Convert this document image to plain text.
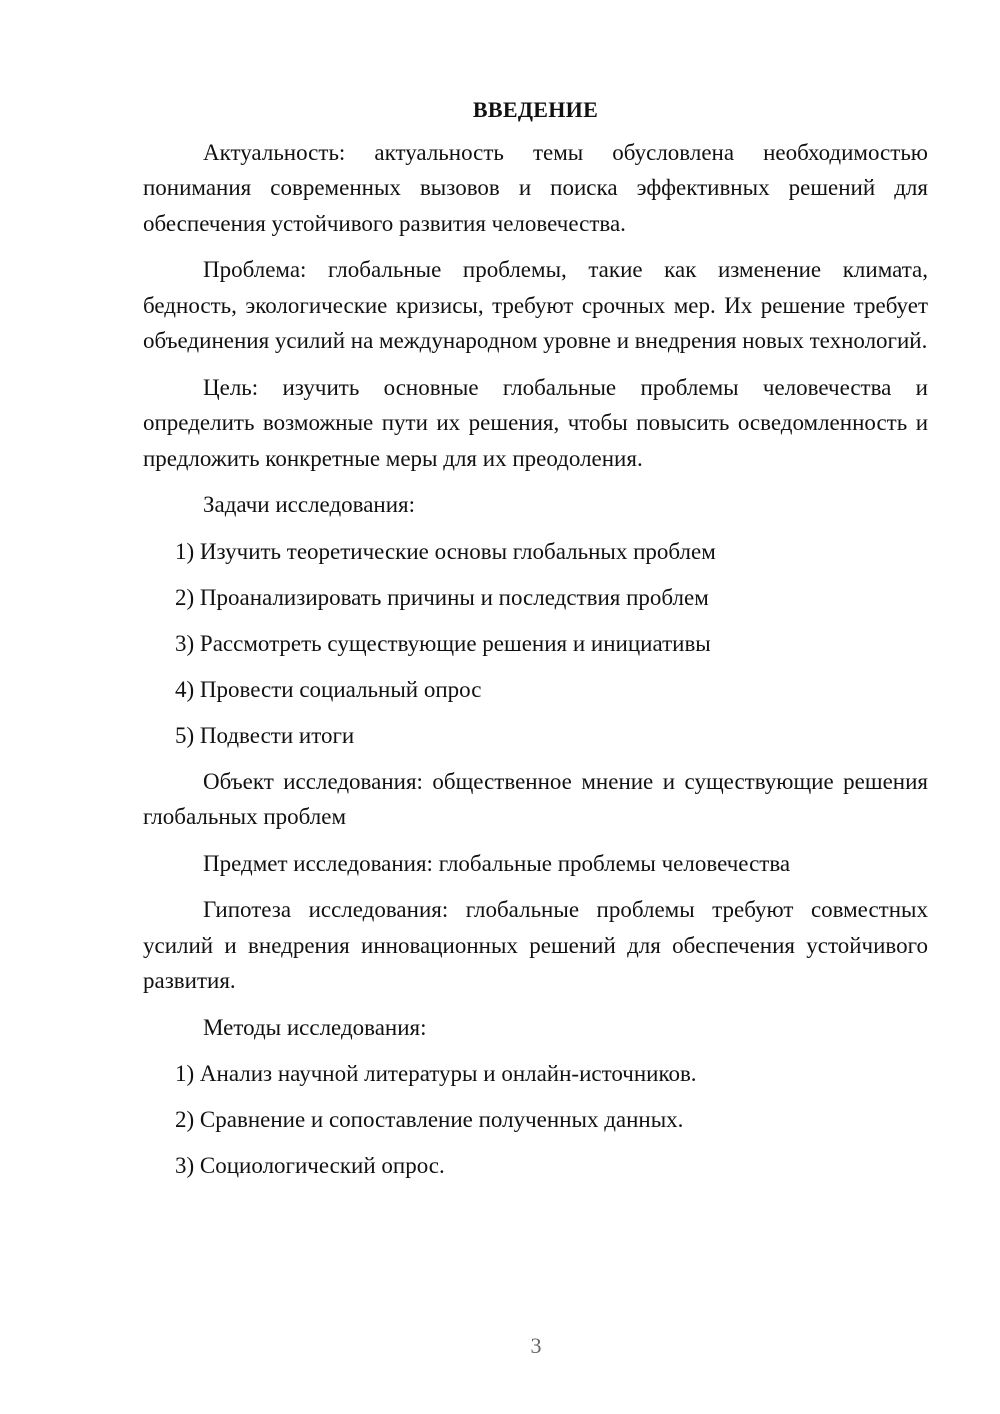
ВВЕДЕНИЕ

Актуальность: актуальность темы обусловлена необходимостью понимания современных вызовов и поиска эффективных решений для обеспечения устойчивого развития человечества.

Проблема: глобальные проблемы, такие как изменение климата, бедность, экологические кризисы, требуют срочных мер. Их решение требует объединения усилий на международном уровне и внедрения новых технологий.

Цель: изучить основные глобальные проблемы человечества и определить возможные пути их решения, чтобы повысить осведомленность и предложить конкретные меры для их преодоления.

Задачи исследования:

1) Изучить теоретические основы глобальных проблем
2) Проанализировать причины и последствия проблем
3) Рассмотреть существующие решения и инициативы
4) Провести социальный опрос
5) Подвести итоги

Объект исследования: общественное мнение и существующие решения глобальных проблем

Предмет исследования: глобальные проблемы человечества

Гипотеза исследования: глобальные проблемы требуют совместных усилий и внедрения инновационных решений для обеспечения устойчивого развития.

Методы исследования:

1) Анализ научной литературы и онлайн-источников.
2) Сравнение и сопоставление полученных данных.
3) Социологический опрос.
3
